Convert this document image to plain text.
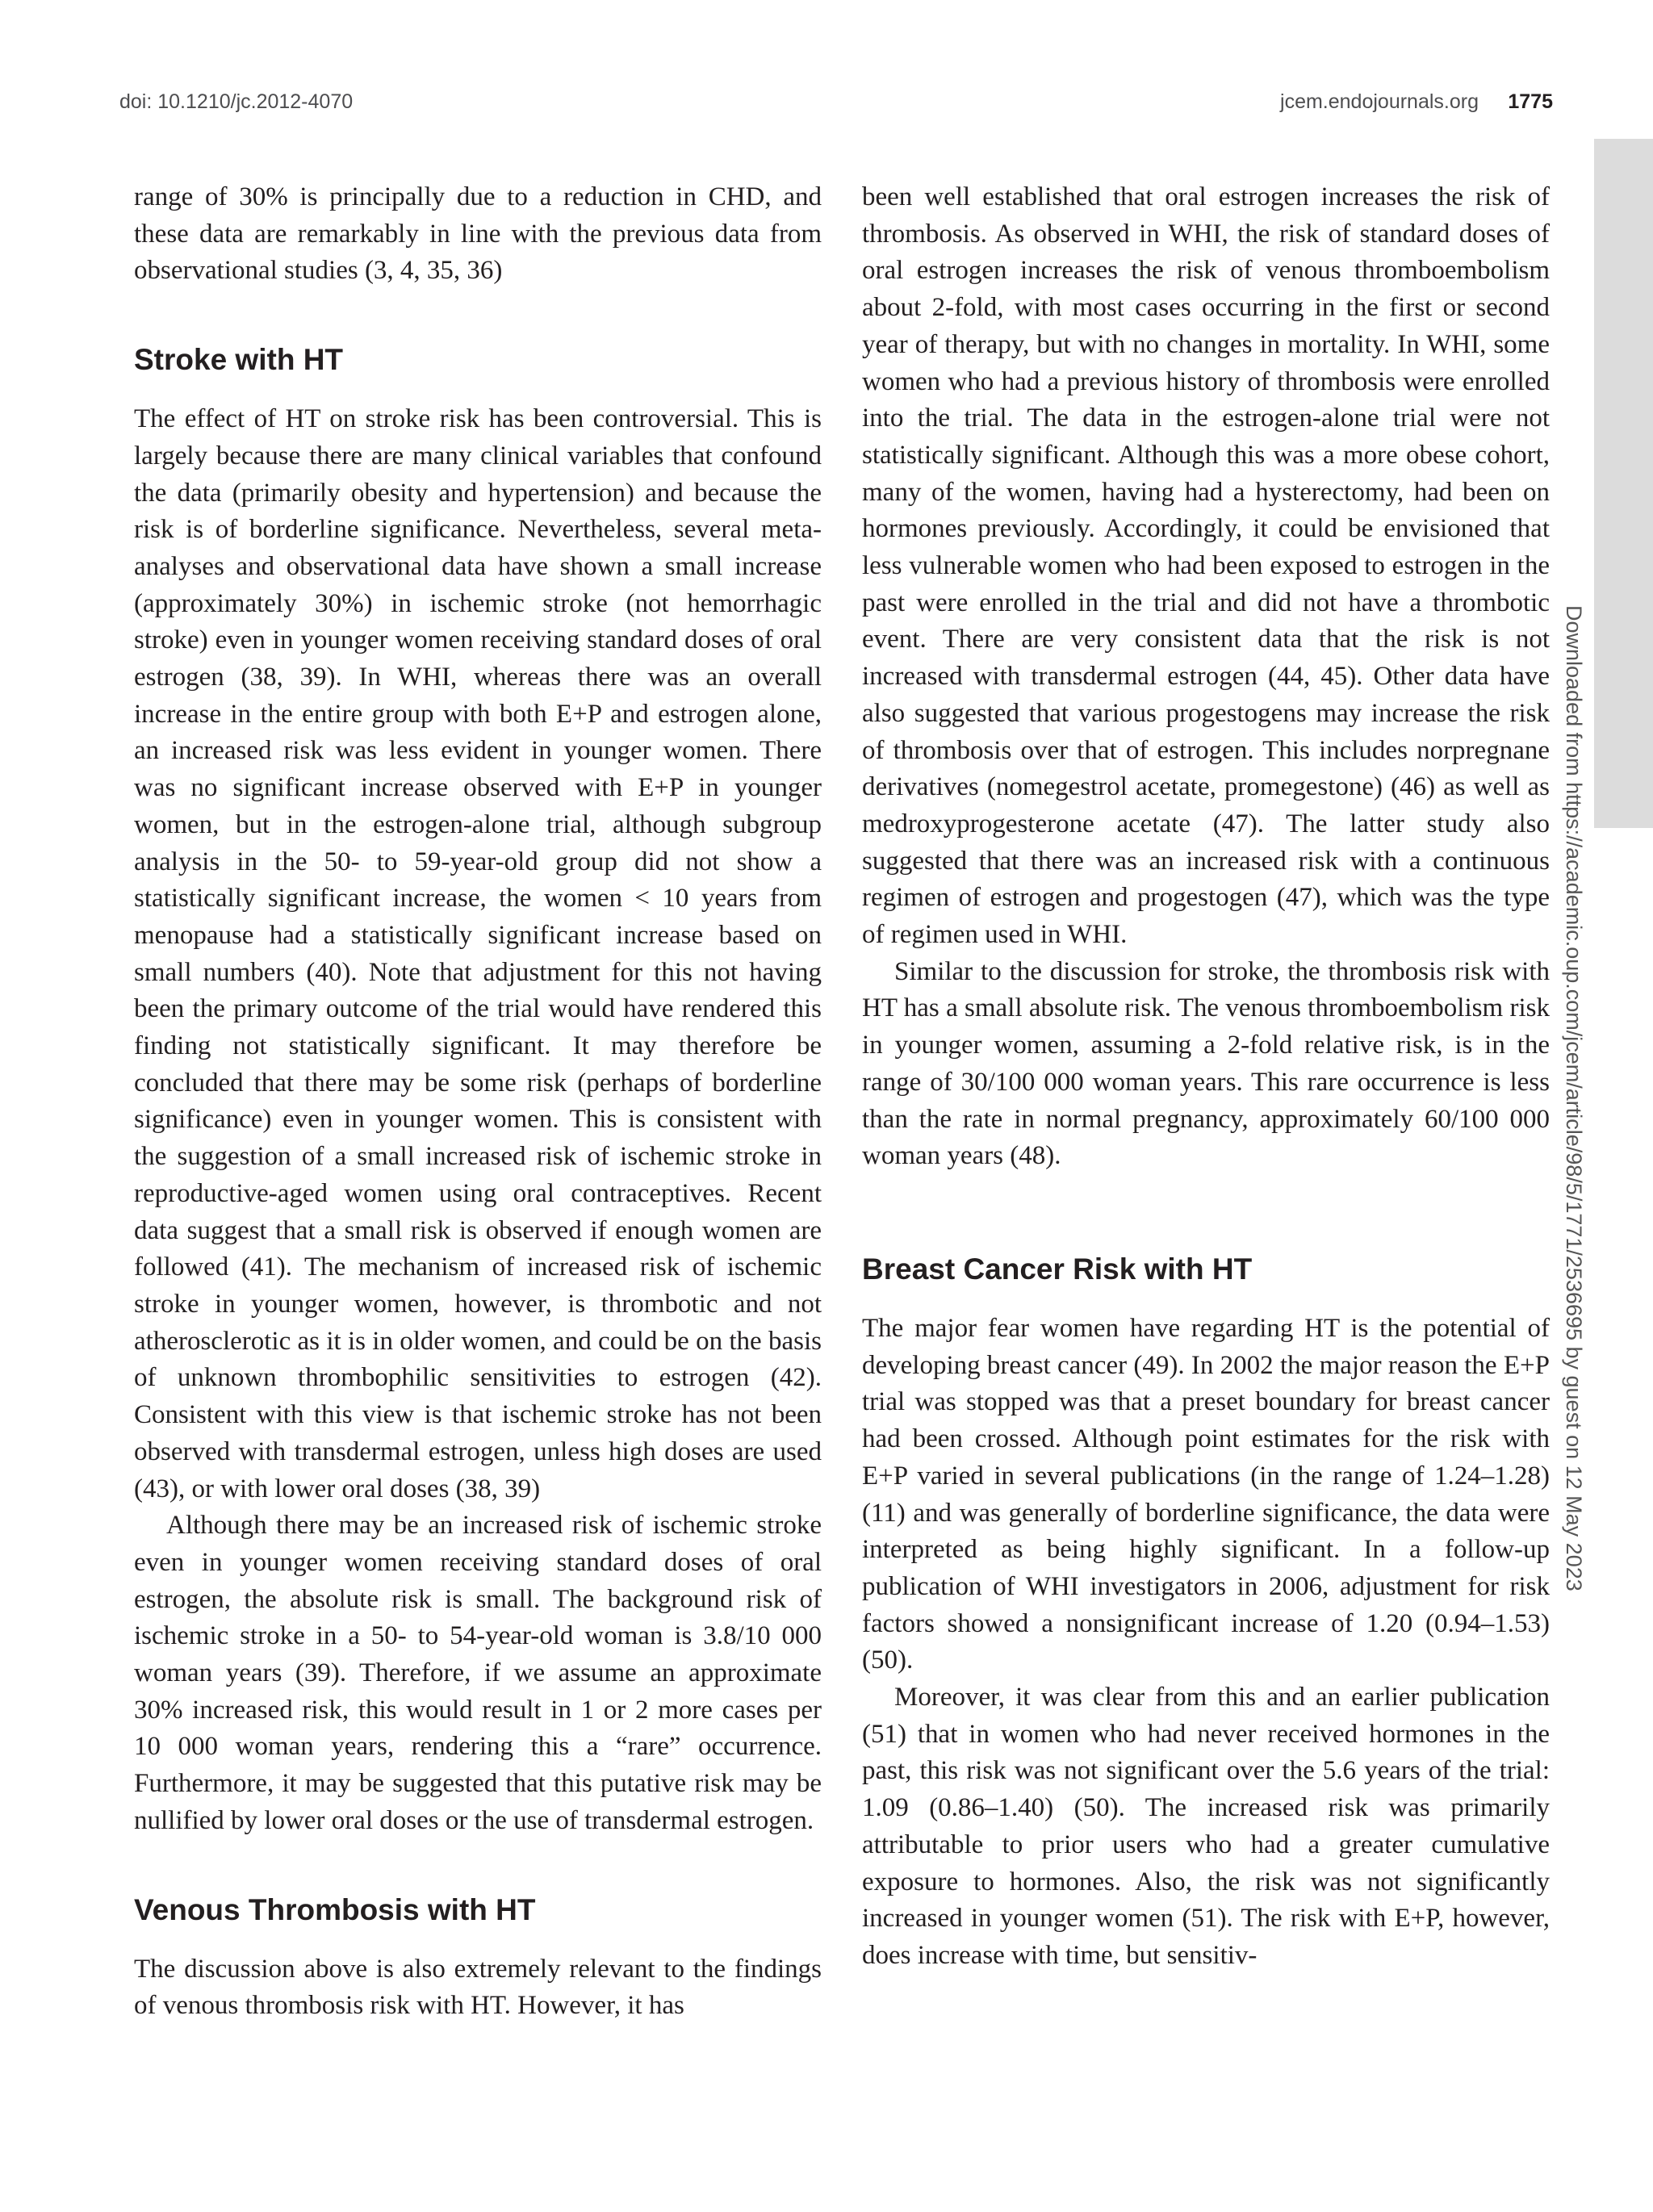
doi: 10.1210/jc.2012-4070	jcem.endojournals.org 1775

range of 30% is principally due to a reduction in CHD, and these data are remarkably in line with the previous data from observational studies (3, 4, 35, 36)

Stroke with HT

The effect of HT on stroke risk has been controversial. This is largely because there are many clinical variables that confound the data (primarily obesity and hypertension) and because the risk is of borderline significance. Nevertheless, several meta-analyses and observational data have shown a small increase (approximately 30%) in ischemic stroke (not hemorrhagic stroke) even in younger women receiving standard doses of oral estrogen (38, 39). In WHI, whereas there was an overall increase in the entire group with both E+P and estrogen alone, an increased risk was less evident in younger women. There was no significant increase observed with E+P in younger women, but in the estrogen-alone trial, although subgroup analysis in the 50- to 59-year-old group did not show a statistically significant increase, the women < 10 years from menopause had a statistically significant increase based on small numbers (40). Note that adjustment for this not having been the primary outcome of the trial would have rendered this finding not statistically significant. It may therefore be concluded that there may be some risk (perhaps of borderline significance) even in younger women. This is consistent with the suggestion of a small increased risk of ischemic stroke in reproductive-aged women using oral contraceptives. Recent data suggest that a small risk is observed if enough women are followed (41). The mechanism of increased risk of ischemic stroke in younger women, however, is thrombotic and not atherosclerotic as it is in older women, and could be on the basis of unknown thrombophilic sensitivities to estrogen (42). Consistent with this view is that ischemic stroke has not been observed with transdermal estrogen, unless high doses are used (43), or with lower oral doses (38, 39)

Although there may be an increased risk of ischemic stroke even in younger women receiving standard doses of oral estrogen, the absolute risk is small. The background risk of ischemic stroke in a 50- to 54-year-old woman is 3.8/10 000 woman years (39). Therefore, if we assume an approximate 30% increased risk, this would result in 1 or 2 more cases per 10 000 woman years, rendering this a “rare” occurrence. Furthermore, it may be suggested that this putative risk may be nullified by lower oral doses or the use of transdermal estrogen.

Venous Thrombosis with HT

The discussion above is also extremely relevant to the findings of venous thrombosis risk with HT. However, it has

been well established that oral estrogen increases the risk of thrombosis. As observed in WHI, the risk of standard doses of oral estrogen increases the risk of venous thromboembolism about 2-fold, with most cases occurring in the first or second year of therapy, but with no changes in mortality. In WHI, some women who had a previous history of thrombosis were enrolled into the trial. The data in the estrogen-alone trial were not statistically significant. Although this was a more obese cohort, many of the women, having had a hysterectomy, had been on hormones previously. Accordingly, it could be envisioned that less vulnerable women who had been exposed to estrogen in the past were enrolled in the trial and did not have a thrombotic event. There are very consistent data that the risk is not increased with transdermal estrogen (44, 45). Other data have also suggested that various progestogens may increase the risk of thrombosis over that of estrogen. This includes norpregnane derivatives (nomegestrol acetate, promegestone) (46) as well as medroxyprogesterone acetate (47). The latter study also suggested that there was an increased risk with a continuous regimen of estrogen and progestogen (47), which was the type of regimen used in WHI.

Similar to the discussion for stroke, the thrombosis risk with HT has a small absolute risk. The venous thromboembolism risk in younger women, assuming a 2-fold relative risk, is in the range of 30/100 000 woman years. This rare occurrence is less than the rate in normal pregnancy, approximately 60/100 000 woman years (48).

Breast Cancer Risk with HT

The major fear women have regarding HT is the potential of developing breast cancer (49). In 2002 the major reason the E+P trial was stopped was that a preset boundary for breast cancer had been crossed. Although point estimates for the risk with E+P varied in several publications (in the range of 1.24–1.28) (11) and was generally of borderline significance, the data were interpreted as being highly significant. In a follow-up publication of WHI investigators in 2006, adjustment for risk factors showed a nonsignificant increase of 1.20 (0.94–1.53) (50).

Moreover, it was clear from this and an earlier publication (51) that in women who had never received hormones in the past, this risk was not significant over the 5.6 years of the trial: 1.09 (0.86–1.40) (50). The increased risk was primarily attributable to prior users who had a greater cumulative exposure to hormones. Also, the risk was not significantly increased in younger women (51). The risk with E+P, however, does increase with time, but sensitiv-

Downloaded from https://academic.oup.com/jcem/article/98/5/1771/2536695 by guest on 12 May 2023
